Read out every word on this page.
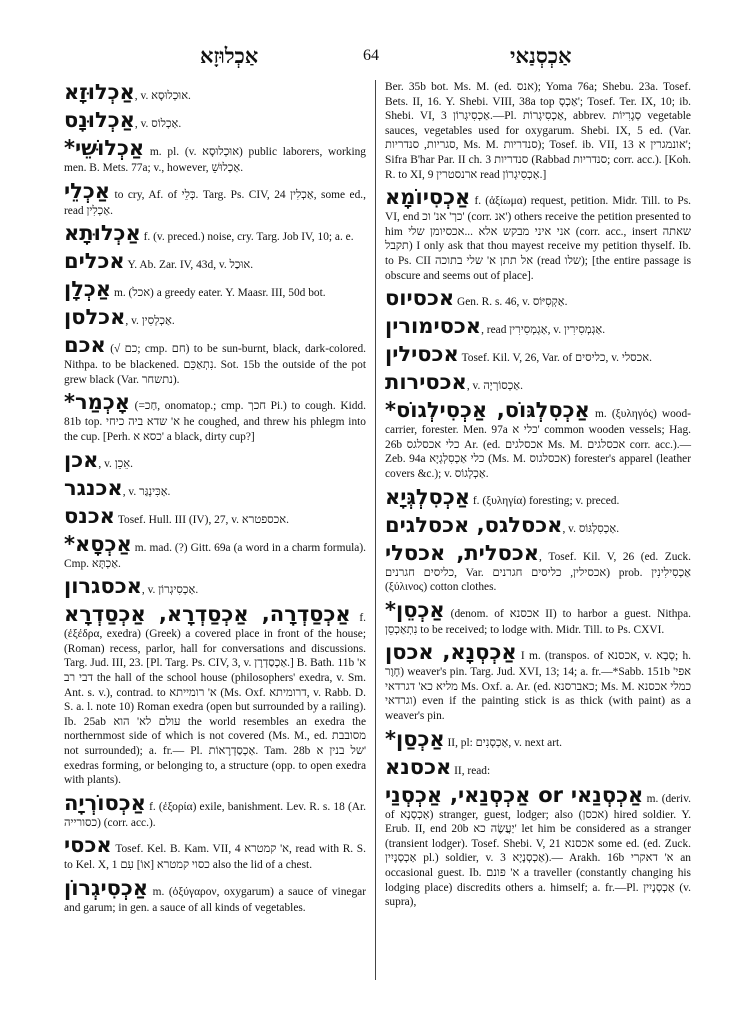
אַכְלוּזָא	64	אַכְסְנַאי

אַכְלוּזָא, v. אוּכְלוּסָא.

אַכְלוּנָס, v. אַכְלוֹס.

*אַכְלוּשֵׁי m. pl. (v. אוּכְלוּסָא) public laborers, working men. B. Mets. 77a; v., however, אַכְלוּשֵׁ.

אַכְלֵי to cry, Af. of כְּלֵי. Targ. Ps. CIV, 24 אַכְלִין, some ed., read אַכְלִין.

אַכְלוּתָא f. (v. preced.) noise, cry. Targ. Job IV, 10; a. e.

אכלים Y. Ab. Zar. IV, 43d, v. אוּכַל.

אַכְלָן m. (אכל) a greedy eater. Y. Maasr. III, 50d bot.

אכלסן, v. אַכְלְסִין.

אכם (√ כם; cmp. חם) to be sun-burnt, black, dark-colored. Nithpa. to be blackened. נִתְאַכֵּם. Sot. 15b the outside of the pot grew black (Var. נתשחר).

*אָכְמַר (=חַכ, onomatop.; cmp. חכך Pi.) to cough. Kidd. 81b top. א' שדא ביה כיחי he coughed, and threw his phlegm into the cup. [Perh. כסא א' a black, dirty cup?]

אכן, v. אֵכֵן.

אכנגר, v. אַכִּינְגַּר.

אכנס Tosef. Hull. III (IV), 27, v. אכספטרא.

*אַכְסָא m. mad. (?) Gitt. 69a (a word in a charm formula). Cmp. אַכְתָּא.

אכסגרון, v. אַכְסִיגְרוֹן.

אַכְסַדְרָה, אַכְסַדְרָא, אַכְסַדְרָא f. (ἐξέδρα, exedra) (Greek) a covered place in front of the house; (Roman) recess, parlor, hall for conversations and discussions. Targ. Jud. III, 23. [Pl. Targ. Ps. CIV, 3, v. אַכְסַדְרָן.] B. Bath. 11b א' דבי רב the hall of the school house (philosophers' exedra, v. Sm. Ant. s. v.), contrad. to א' רומייתא (Ms. Oxf. דרומיתא, v. Rabb. D. S. a. l. note 10) Roman exedra (open but surrounded by a railing). Ib. 25ab עולם לא' הוא the world resembles an exedra the northernmost side of which is not covered (Ms. M., ed. מסובבת not surrounded); a. fr.— Pl. אַכְסַדְרָאוֹת. Tam. 28b של בנין א' exedras forming, or belonging to, a structure (opp. to open exedra with plants).

אַכְסוֹרְיָה f. (ἐξορία) exile, banishment. Lev. R. s. 18 (Ar. כסורייה) (corr. acc.).

אכסי Tosef. Kel. B. Kam. VII, 4 א' קמטרא, read with R. S. to Kel. X, 1 כסוי קמטרא [אוֹ] עִם also the lid of a chest.

אַכְסִיגְרוֹן m. (ὀξύγαρον, oxygarum) a sauce of vinegar and garum; in gen. a sauce of all kinds of vegetables.

Ber. 35b bot. Ms. M. (ed. אנס); Yoma 76a; Shebu. 23a. Tosef. Bets. II, 16. Y. Shebi. VIII, 38a top אַכְסְ'; Tosef. Ter. IX, 10; ib. Shebi. VI, 3 אַכְסִיגְרוֹן.—Pl. אַכְסִיגְרוֹת, abbrev. סְגָרִיוֹת vegetable sauces, vegetables used for oxygarum. Shebi. IX, 5 ed. (Var. סגריות, סנדריות, Ms. M. סנדריות); Tosef. ib. VII, 13 אונמגרין א'; Sifra B'har Par. II ch. 3 סנדריות (Rabbad סנדריות; corr. acc.). [Koh. R. to XI, 9 ארנסטרין read אַכְסִיגְרוֹן.]

אַכְסִיוֹמָא f. (ἀξίωμα) request, petition. Midr. Till. to Ps. VI, end כך' אנ' וכ' (corr. אנ') others receive the petition presented to him אני איני מבקש אלא ...אכסיומן שלי (corr. acc., insert שאתה תקבל) I only ask that thou mayest receive my petition thyself. Ib. to Ps. CII אל תתן א' שלי בתוכה (read שלו); [the entire passage is obscure and seems out of place].

אכסיוס Gen. R. s. 46, v. אַקְסִיּוֹס.

אכסימורין, read אַגְמְסִירִין, v. אַגְמְסִירִין.

אכסילין Tosef. Kil. V, 26, Var. of כליסים, v. אכסלי.

אכסירות, v. אַכְסוֹרְיָה.

*אַכְסִלְגּוֹס, אַכְסִילְגוֹס m. (ξυληγός) wood-carrier, forester. Men. 97a כלי א' common wooden vessels; Hag. 26b כלי אכסלגס Ar. (ed. אכסלגים Ms. M. אכסלגים corr. acc.).—Zeb. 94a כלי אַכְסִלְגְיָא (Ms. M. אכסלגוס) forester's apparel (leather covers &c.); v. אַכְלְגוֹס.

אַכְסִלְגְּיָא f. (ξυληγία) foresting; v. preced.

אכסלגס, אכסלגים, v. אַכְסִלְגּוֹס.

אכסלית, אכסלי, Tosef. Kil. V, 26 (ed. Zuck. כליסים חגרנים, Var. אכסילין, כליסים חגרנים) prob. אַכְסִילִינִין (ξύλινος) cotton clothes.

*אַכְסֵן (denom. of אכסנא II) to harbor a guest. Nithpa. נִתְאַכְסֵן to be received; to lodge with. Midr. Till. to Ps. CXVI.

אַכְסְנָא, אכסן I m. (transpos. of אכסנא, v. סְבָא; h. חָוֶר) weaver's pin. Targ. Jud. XVI, 13; 14; a. fr.—*Sabb. 151b אפי' מליא כא' דגרדאי Ms. Oxf. a. Ar. (ed. כאברסנא; Ms. M. כמלי אכסנא וגרדאי) even if the painting stick is as thick (with paint) as a weaver's pin.

*אַכְסַן II, pl: אַכְסְנִים, v. next art.

אכסנא II, read:

אַכְסְנַאי, אַכְסְנַי or אַכְסְנַאי m. (deriv. of אַכְסְנָא) stranger, guest, lodger; also (אכסן) hired soldier. Y. Erub. II, end 20b יַעֲשֶׂה כא' let him be considered as a stranger (transient lodger). Tosef. Shebi. V, 21 אכסנא some ed. (ed. Zuck. אַכְסְנָיִין pl.) soldier, v. אַכְסְנָיָא 3).— Arakh. 16b א' דאקרי an occasional guest. Ib. א' פונם a traveller (constantly changing his lodging place) discredits others a. himself; a. fr.—Pl. אַכְסְנָיִין (v. supra),
